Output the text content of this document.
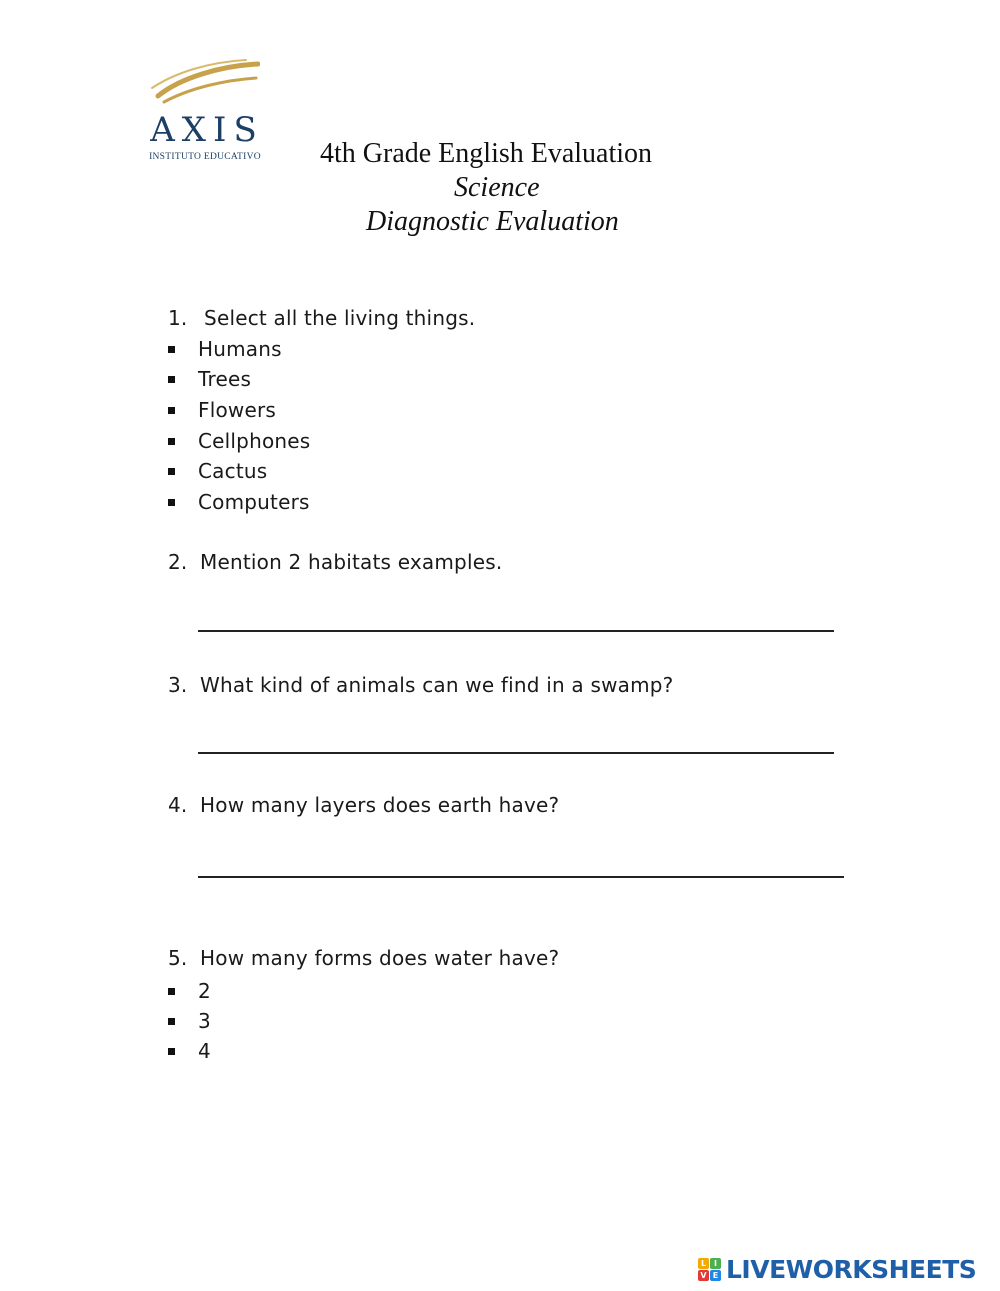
AXIS
INSTITUTO EDUCATIVO	4th Grade English Evaluation
Science
Diagnostic Evaluation
1. Select all the living things.
Humans
Trees
Flowers
Cellphones
Cactus
Computers
2. Mention 2 habitats examples.
3. What kind of animals can we find in a swamp?
4. How many layers does earth have?
5. How many forms does water have?
2
3
4
L I
V E LIVEWORKSHEETS
